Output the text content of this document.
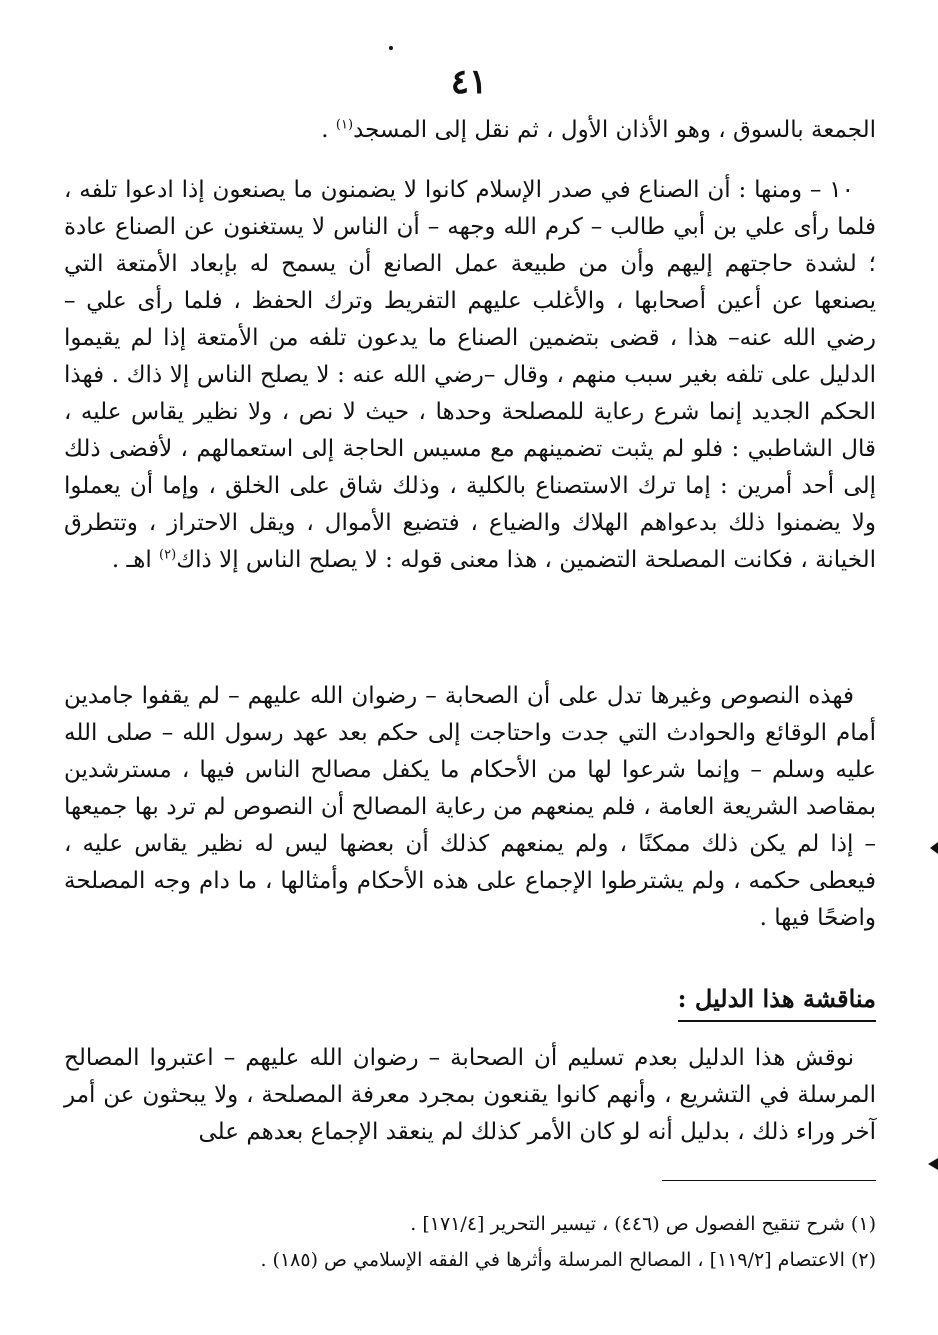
٤١

الجمعة بالسوق ، وهو الأذان الأول ، ثم نقل إلى المسجد$^{(١)}$ .

١٠ – ومنها : أن الصناع في صدر الإسلام كانوا لا يضمنون ما يصنعون إذا ادعوا تلفه ، فلما رأى علي بن أبي طالب – كرم الله وجهه – أن الناس لا يستغنون عن الصناع عادة ؛ لشدة حاجتهم إليهم وأن من طبيعة عمل الصانع أن يسمح له بإبعاد الأمتعة التي يصنعها عن أعين أصحابها ، والأغلب عليهم التفريط وترك الحفظ ، فلما رأى علي –رضي الله عنه– هذا ، قضى بتضمين الصناع ما يدعون تلفه من الأمتعة إذا لم يقيموا الدليل على تلفه بغير سبب منهم ، وقال –رضي الله عنه : لا يصلح الناس إلا ذاك . فهذا الحكم الجديد إنما شرع رعاية للمصلحة وحدها ، حيث لا نص ، ولا نظير يقاس عليه ، قال الشاطبي : فلو لم يثبت تضمينهم مع مسيس الحاجة إلى استعمالهم ، لأفضى ذلك إلى أحد أمرين : إما ترك الاستصناع بالكلية ، وذلك شاق على الخلق ، وإما أن يعملوا ولا يضمنوا ذلك بدعواهم الهلاك والضياع ، فتضيع الأموال ، ويقل الاحتراز ، وتتطرق الخيانة ، فكانت المصلحة التضمين ، هذا معنى قوله : لا يصلح الناس إلا ذاك$^{(٢)}$ اهـ .

فهذه النصوص وغيرها تدل على أن الصحابة – رضوان الله عليهم – لم يقفوا جامدين أمام الوقائع والحوادث التي جدت واحتاجت إلى حكم بعد عهد رسول الله – صلى الله عليه وسلم – وإنما شرعوا لها من الأحكام ما يكفل مصالح الناس فيها ، مسترشدين بمقاصد الشريعة العامة ، فلم يمنعهم من رعاية المصالح أن النصوص لم ترد بها جميعها – إذا لم يكن ذلك ممكنًا ، ولم يمنعهم كذلك أن بعضها ليس له نظير يقاس عليه ، فيعطى حكمه ، ولم يشترطوا الإجماع على هذه الأحكام وأمثالها ، ما دام وجه المصلحة واضحًا فيها .

مناقشة هذا الدليل :

نوقش هذا الدليل بعدم تسليم أن الصحابة – رضوان الله عليهم – اعتبروا المصالح المرسلة في التشريع ، وأنهم كانوا يقنعون بمجرد معرفة المصلحة ، ولا يبحثون عن أمر آخر وراء ذلك ، بدليل أنه لو كان الأمر كذلك لم ينعقد الإجماع بعدهم على

(١) شرح تنقيح الفصول ص (٤٤٦) ، تيسير التحرير [١٧١/٤] .

(٢) الاعتصام [١١٩/٢] ، المصالح المرسلة وأثرها في الفقه الإسلامي ص (١٨٥) .
